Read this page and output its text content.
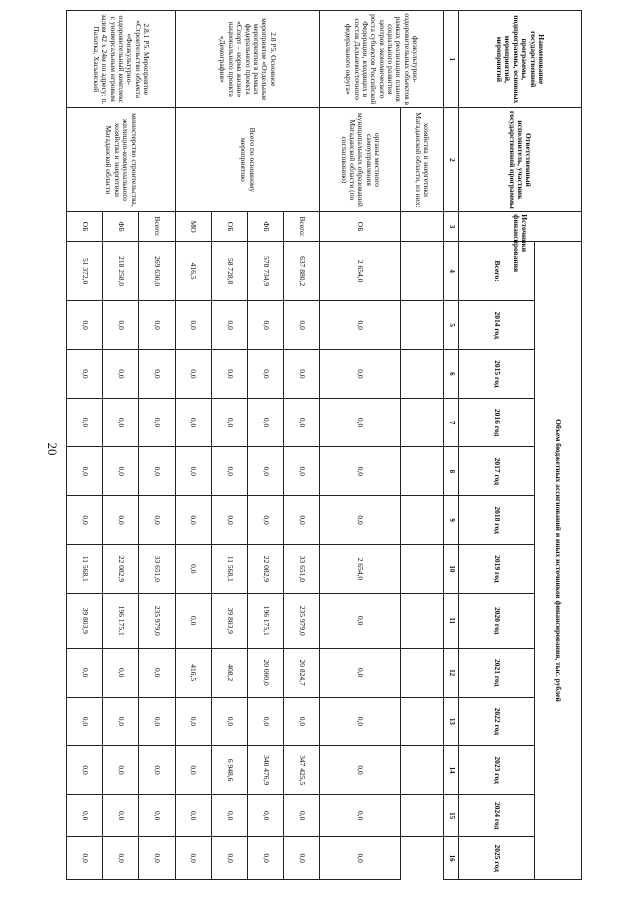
20
Наименование государственной программы, подпрограммы, основных мероприятий, мероприятий	Ответственный исполнитель, участник государственной программы	Источники финансирования	Объем бюджетных ассигнований и иных источников финансирования, тыс. рублей												
			Всего:	2014 год	2015 год	2016 год	2017 год	2018 год	2019 год	2020 год	2021 год	2022 год	2023 год	2024 год	2025 год
1	2	3	4	5	6	7	8	9	10	11	12	13	14	15	16
физкультурно-оздоровительных объектов в рамках реализации планов социального развития центров экономического роста субъектов Российской Федерации, входящих в состав Дальневосточного федерального округа»	хозяйства и энергетики Магаданской области, из них:														
	органы местного самоуправления муниципальных образований Магаданской области (по согласованию)	ОБ	2 654,0	0,0	0,0	0,0	0,0	0,0	2 654,0	0,0	0,0	0,0	0,0	0,0	0,0
2.8 P5. Основное мероприятие «Отдельные мероприятия в рамках федерального проекта «Спорт – норма жизни» национального проекта «Демография»	Всего по основному мероприятию	Всего:	637 880,2	0,0	0,0	0,0	0,0	0,0	33 651,0	235 979,0	20 824,7	0,0	347 425,5	0,0	0,0
		ФБ	578 734,9	0,0	0,0	0,0	0,0	0,0	22 082,9	196 175,1	20 000,0	0,0	340 476,9	0,0	0,0
		ОБ	58 728,8	0,0	0,0	0,0	0,0	0,0	11 568,1	39 803,9	408,2	0,0	6 948,6	0,0	0,0
		МО	416,5	0,0	0,0	0,0	0,0	0,0	0,0	0,0	416,5	0,0	0,0	0,0	0,0
2.8.1 P5. Мероприятие «Строительство объекта «Физкультурно-оздоровительный комплекс с универсальным игровым залом 42 х 24м по адресу: п. Палатка, Хасынский	министерство строительства, жилищно-коммунального хозяйства и энергетики Магаданской области	Всего:	269 630,0	0,0	0,0	0,0	0,0	0,0	33 651,0	235 979,0	0,0	0,0	0,0	0,0	0,0
		ФБ	218 258,0	0,0	0,0	0,0	0,0	0,0	22 082,9	196 175,1	0,0	0,0	0,0	0,0	0,0
		ОБ	51 372,0	0,0	0,0	0,0	0,0	0,0	11 568,1	39 803,9	0,0	0,0	0,0	0,0	0,0
